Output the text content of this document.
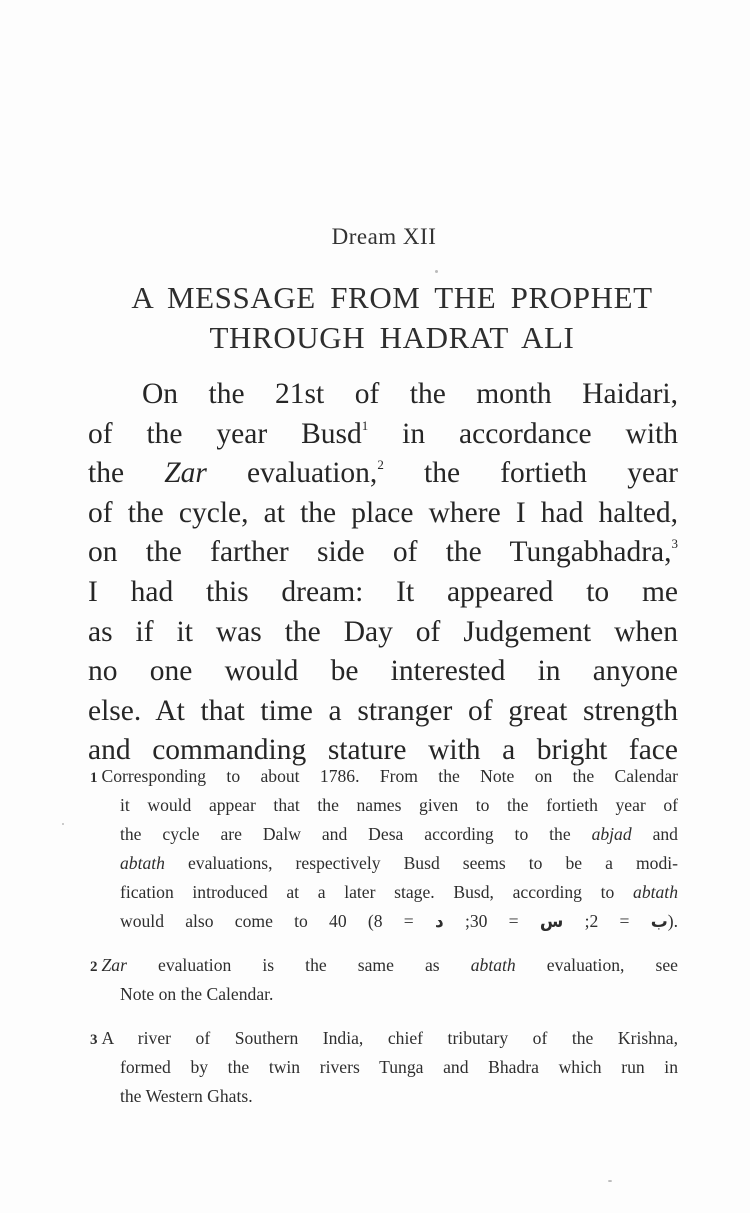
Dream XII
A MESSAGE FROM THE PROPHET
THROUGH HADRAT ALI
On the 21st of the month Haidari,
of the year Busd$^1$ in accordance with
the Zar evaluation,$^2$ the fortieth year
of the cycle, at the place where I had halted,
on the farther side of the Tungabhadra,$^3$
I had this dream: It appeared to me
as if it was the Day of Judgement when
no one would be interested in anyone
else. At that time a stranger of great strength
and commanding stature with a bright face
1 Corresponding to about 1786. From the Note on the Calendar
it would appear that the names given to the fortieth year of
the cycle are Dalw and Desa according to the abjad and
abtath evaluations, respectively Busd seems to be a modi-
fication introduced at a later stage. Busd, according to abtath
would also come to 40 (	ب = 2; س = 30; د = 8).
2 Zar evaluation is the same as abtath evaluation, see
Note on the Calendar.
3 A river of Southern India, chief tributary of the Krishna,
formed by the twin rivers Tunga and Bhadra which run in
the Western Ghats.
